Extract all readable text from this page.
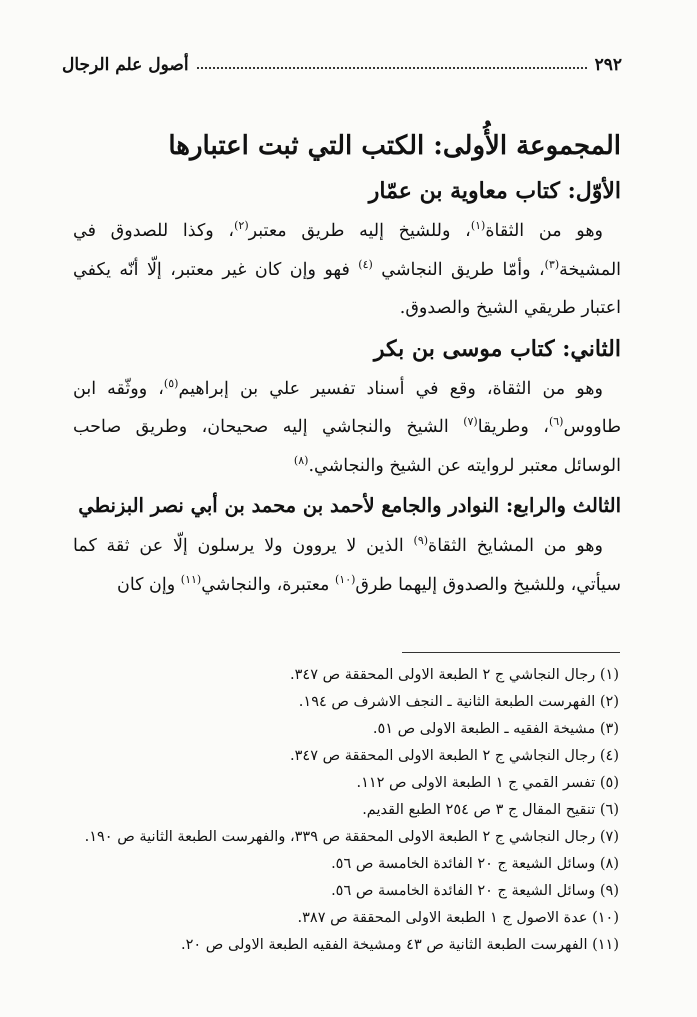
٢٩٢
أصول علم الرجال
المجموعة الأُولى: الكتب التي ثبت اعتبارها
الأوّل: كتاب معاوية بن عمّار

وهو من الثقاة$^{(١)}$، وللشيخ إليه طريق معتبر$^{(٢)}$، وكذا للصدوق في المشيخة$^{(٣)}$، وأمّا طريق النجاشي $^{(٤)}$ فهو وإن كان غير معتبر، إلّا أنّه يكفي اعتبار طريقي الشيخ والصدوق.

الثاني: كتاب موسى بن بكر

وهو من الثقاة، وقع في أسناد تفسير علي بن إبراهيم$^{(٥)}$، ووثّقه ابن طاووس$^{(٦)}$، وطريقا$^{(٧)}$ الشيخ والنجاشي إليه صحيحان، وطريق صاحب الوسائل معتبر لروايته عن الشيخ والنجاشي.$^{(٨)}$

الثالث والرابع: النوادر والجامع لأحمد بن محمد بن أبي نصر البزنطي

وهو من المشايخ الثقاة$^{(٩)}$ الذين لا يروون ولا يرسلون إلّا عن ثقة كما سيأتي، وللشيخ والصدوق إليهما طرق$^{(١٠)}$ معتبرة، والنجاشي$^{(١١)}$ وإن كان

(١) رجال النجاشي ج ٢ الطبعة الاولى المحققة ص ٣٤٧.
(٢) الفهرست الطبعة الثانية ـ النجف الاشرف ص ١٩٤.
(٣) مشيخة الفقيه ـ الطبعة الاولى ص ٥١.
(٤) رجال النجاشي ج ٢ الطبعة الاولى المحققة ص ٣٤٧.
(٥) تفسر القمي ج ١ الطبعة الاولى ص ١١٢.
(٦) تنقيح المقال ج ٣ ص ٢٥٤ الطبع القديم.
(٧) رجال النجاشي ج ٢ الطبعة الاولى المحققة ص ٣٣٩، والفهرست الطبعة الثانية ص ١٩٠.
(٨) وسائل الشيعة ج ٢٠ الفائدة الخامسة ص ٥٦.
(٩) وسائل الشيعة ج ٢٠ الفائدة الخامسة ص ٥٦.
(١٠) عدة الاصول ج ١ الطبعة الاولى المحققة ص ٣٨٧.
(١١) الفهرست الطبعة الثانية ص ٤٣ ومشيخة الفقيه الطبعة الاولى ص ٢٠.
